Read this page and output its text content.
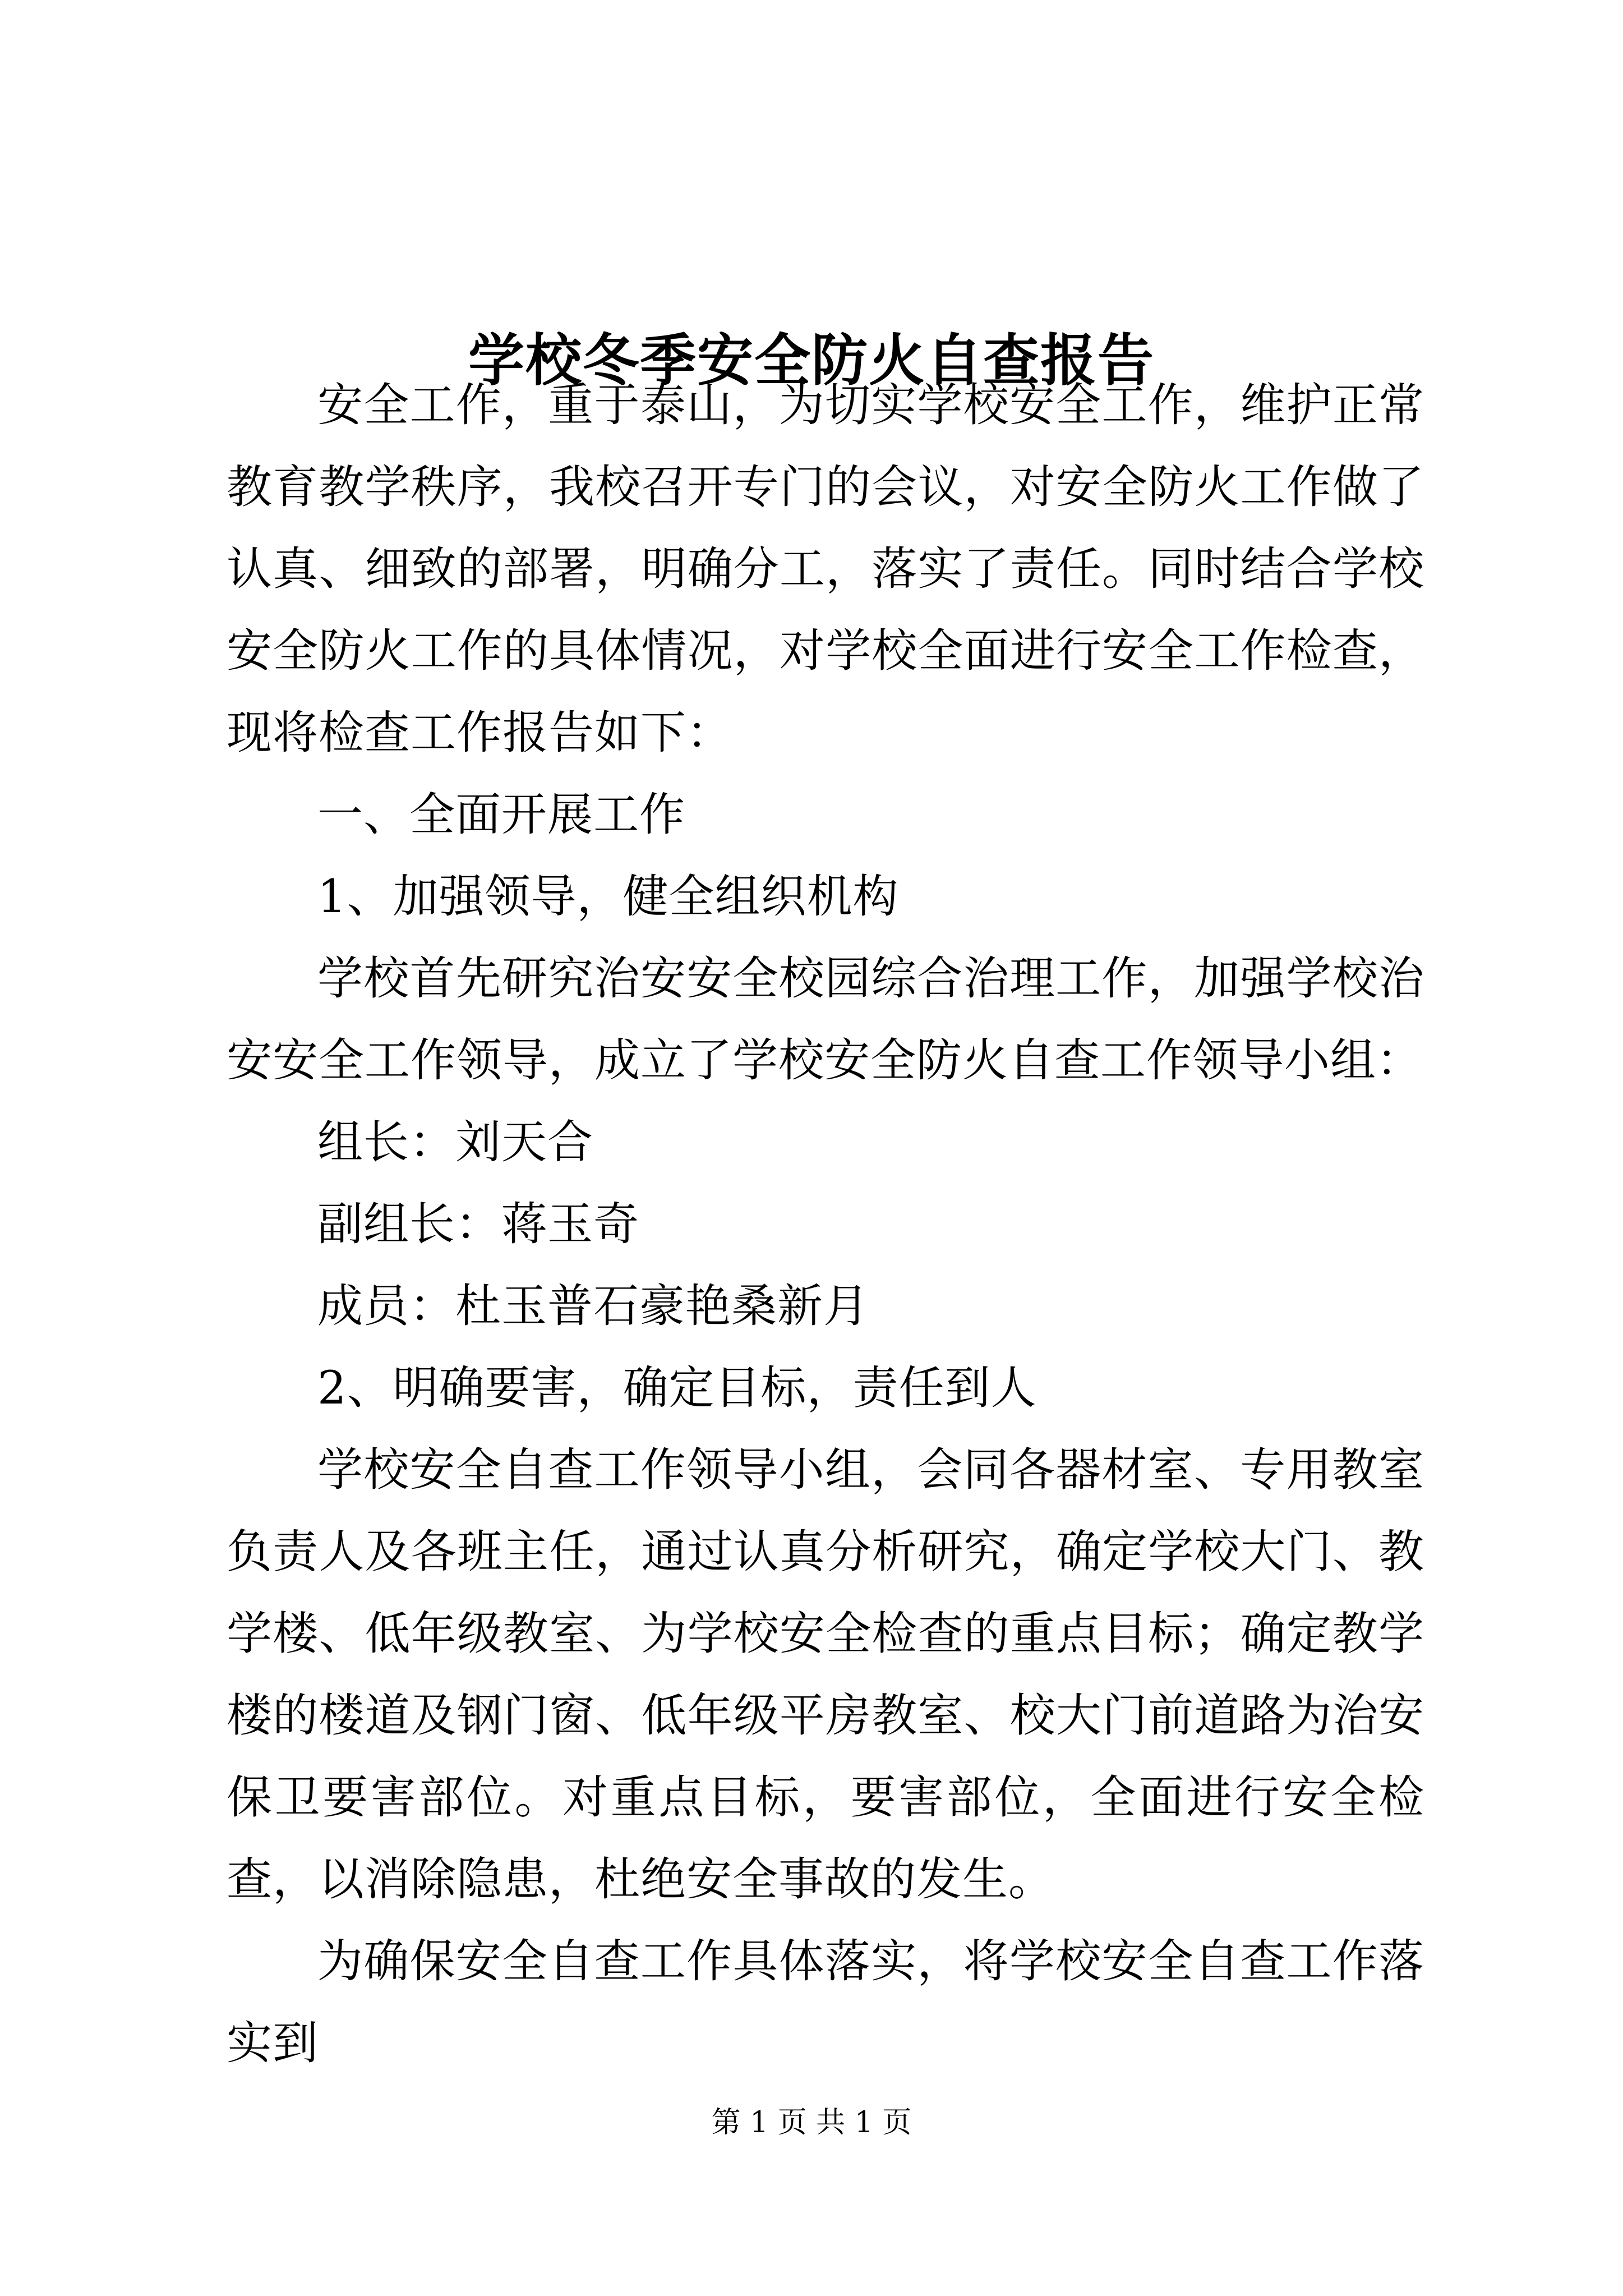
学校冬季安全防火自查报告

安全工作，重于泰山，为切实学校安全工作，维护正常教育教学秩序，我校召开专门的会议，对安全防火工作做了认真、细致的部署，明确分工，落实了责任。同时结合学校安全防火工作的具体情况，对学校全面进行安全工作检查，现将检查工作报告如下：

一、全面开展工作

1、加强领导，健全组织机构

学校首先研究治安安全校园综合治理工作，加强学校治安安全工作领导，成立了学校安全防火自查工作领导小组：

组长：刘天合

副组长：蒋玉奇

成员：杜玉普石豪艳桑新月

2、明确要害，确定目标，责任到人

学校安全自查工作领导小组，会同各器材室、专用教室负责人及各班主任，通过认真分析研究，确定学校大门、教学楼、低年级教室、为学校安全检查的重点目标；确定教学楼的楼道及钢门窗、低年级平房教室、校大门前道路为治安保卫要害部位。对重点目标，要害部位，全面进行安全检查，以消除隐患，杜绝安全事故的发生。

为确保安全自查工作具体落实，将学校安全自查工作落实到

第 1 页 共 1 页
